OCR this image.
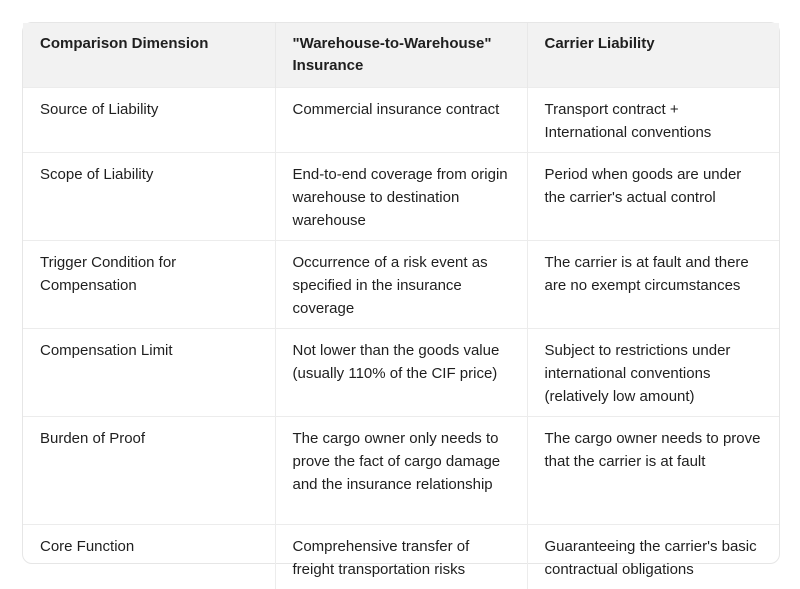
Comparison Dimension	"Warehouse-to-Warehouse" Insurance	Carrier Liability
Source of Liability	Commercial insurance contract	Transport contract + International conventions
Scope of Liability	End-to-end coverage from origin warehouse to destination warehouse	Period when goods are under the carrier's actual control
Trigger Condition for Compensation	Occurrence of a risk event as specified in the insurance coverage	The carrier is at fault and there are no exempt circumstances
Compensation Limit	Not lower than the goods value (usually 110% of the CIF price)	Subject to restrictions under international conventions (relatively low amount)
Burden of Proof	The cargo owner only needs to prove the fact of cargo damage and the insurance relationship	The cargo owner needs to prove that the carrier is at fault
Core Function	Comprehensive transfer of freight transportation risks	Guaranteeing the carrier's basic contractual obligations
